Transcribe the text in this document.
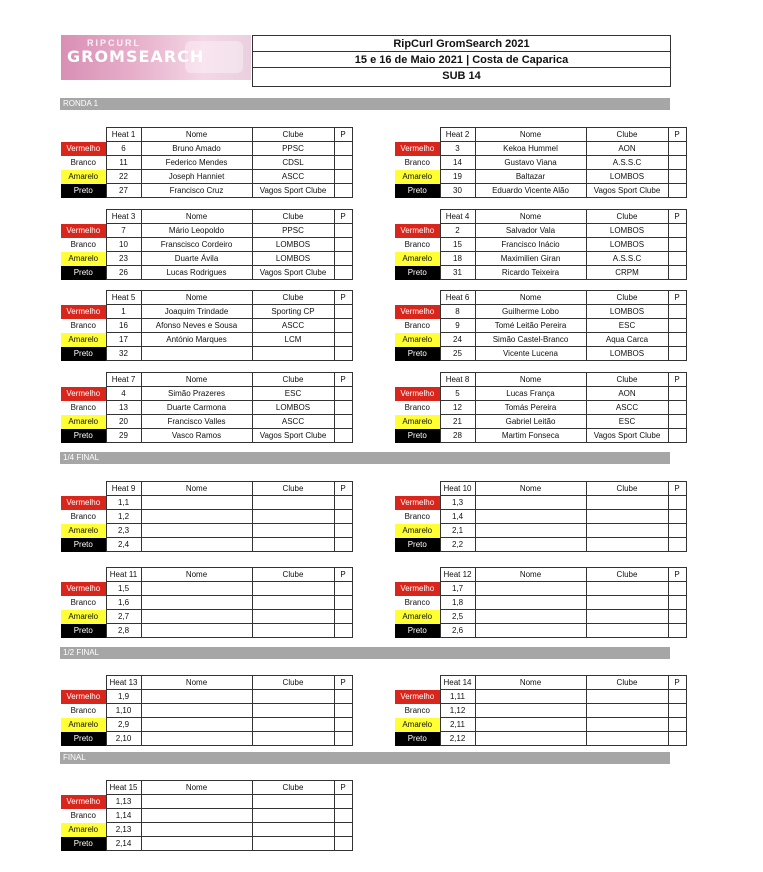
RIPCURL
GROMSEARCH
RipCurl GromSearch 2021
15 e 16 de Maio 2021 | Costa de Caparica
SUB 14
RONDA 1
	Heat 1	Nome	Clube	P
Vermelho	6	Bruno Amado	PPSC	
Branco	11	Federico Mendes	CDSL	
Amarelo	22	Joseph Hanniet	ASCC	
Preto	27	Francisco Cruz	Vagos Sport Clube	
	Heat 2	Nome	Clube	P
Vermelho	3	Kekoa Hummel	AON	
Branco	14	Gustavo Viana	A.S.S.C	
Amarelo	19	Baltazar	LOMBOS	
Preto	30	Eduardo Vicente Alão	Vagos Sport Clube	
	Heat 3	Nome	Clube	P
Vermelho	7	Mário Leopoldo	PPSC	
Branco	10	Franscisco Cordeiro	LOMBOS	
Amarelo	23	Duarte Ávila	LOMBOS	
Preto	26	Lucas Rodrigues	Vagos Sport Clube	
	Heat 4	Nome	Clube	P
Vermelho	2	Salvador Vala	LOMBOS	
Branco	15	Francisco Inácio	LOMBOS	
Amarelo	18	Maximilien Giran	A.S.S.C	
Preto	31	Ricardo Teixeira	CRPM	
	Heat 5	Nome	Clube	P
Vermelho	1	Joaquim Trindade	Sporting CP	
Branco	16	Afonso Neves e Sousa	ASCC	
Amarelo	17	António Marques	LCM	
Preto	32			
	Heat 6	Nome	Clube	P
Vermelho	8	Guilherme Lobo	LOMBOS	
Branco	9	Tomé Leitão Pereira	ESC	
Amarelo	24	Simão Castel-Branco	Aqua Carca	
Preto	25	Vicente Lucena	LOMBOS	
	Heat 7	Nome	Clube	P
Vermelho	4	Simão Prazeres	ESC	
Branco	13	Duarte Carmona	LOMBOS	
Amarelo	20	Francisco Valles	ASCC	
Preto	29	Vasco Ramos	Vagos Sport Clube	
	Heat 8	Nome	Clube	P
Vermelho	5	Lucas França	AON	
Branco	12	Tomás Pereira	ASCC	
Amarelo	21	Gabriel Leitão	ESC	
Preto	28	Martim Fonseca	Vagos Sport Clube	
1/4 FINAL
	Heat 9	Nome	Clube	P
Vermelho	1,1			
Branco	1,2			
Amarelo	2,3			
Preto	2,4			
	Heat 10	Nome	Clube	P
Vermelho	1,3			
Branco	1,4			
Amarelo	2,1			
Preto	2,2			
	Heat 11	Nome	Clube	P
Vermelho	1,5			
Branco	1,6			
Amarelo	2,7			
Preto	2,8			
	Heat 12	Nome	Clube	P
Vermelho	1,7			
Branco	1,8			
Amarelo	2,5			
Preto	2,6			
1/2 FINAL
	Heat 13	Nome	Clube	P
Vermelho	1,9			
Branco	1,10			
Amarelo	2,9			
Preto	2,10			
	Heat 14	Nome	Clube	P
Vermelho	1,11			
Branco	1,12			
Amarelo	2,11			
Preto	2,12			
FINAL
	Heat 15	Nome	Clube	P
Vermelho	1,13			
Branco	1,14			
Amarelo	2,13			
Preto	2,14			
